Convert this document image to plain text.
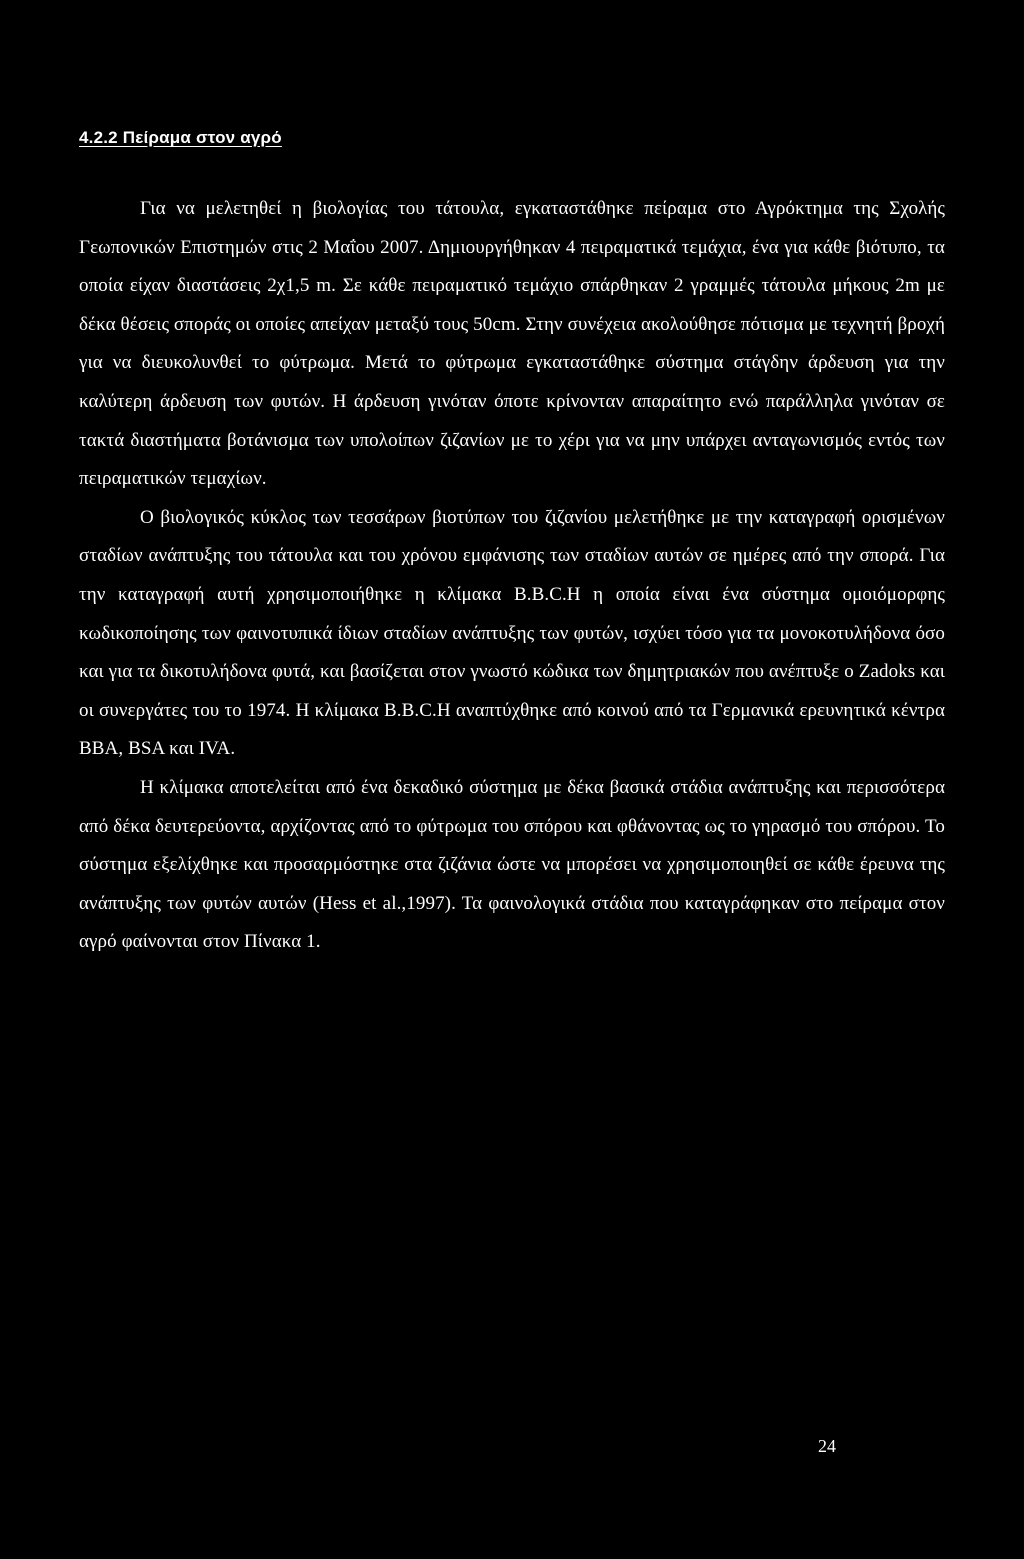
4.2.2 Πείραμα στον αγρό

Για να μελετηθεί η βιολογίας του τάτουλα, εγκαταστάθηκε πείραμα στο Αγρόκτημα της Σχολής Γεωπονικών Επιστημών στις 2 Μαΐου 2007. Δημιουργήθηκαν 4 πειραματικά τεμάχια, ένα για κάθε βιότυπο, τα οποία είχαν διαστάσεις 2χ1,5 m. Σε κάθε πειραματικό τεμάχιο σπάρθηκαν 2 γραμμές τάτουλα μήκους 2m με δέκα θέσεις σποράς οι οποίες απείχαν μεταξύ τους 50cm. Στην συνέχεια ακολούθησε πότισμα με τεχνητή βροχή για να διευκολυνθεί το φύτρωμα. Μετά το φύτρωμα εγκαταστάθηκε σύστημα στάγδην άρδευση για την καλύτερη άρδευση των φυτών. Η άρδευση γινόταν όποτε κρίνονταν απαραίτητο ενώ παράλληλα γινόταν σε τακτά διαστήματα βοτάνισμα των υπολοίπων ζιζανίων με το χέρι για να μην υπάρχει ανταγωνισμός εντός των πειραματικών τεμαχίων.

Ο βιολογικός κύκλος των τεσσάρων βιοτύπων του ζιζανίου μελετήθηκε με την καταγραφή ορισμένων σταδίων ανάπτυξης του τάτουλα και του χρόνου εμφάνισης των σταδίων αυτών σε ημέρες από την σπορά. Για την καταγραφή αυτή χρησιμοποιήθηκε η κλίμακα B.B.C.H η οποία είναι ένα σύστημα ομοιόμορφης κωδικοποίησης των φαινοτυπικά ίδιων σταδίων ανάπτυξης των φυτών, ισχύει τόσο για τα μονοκοτυλήδονα όσο και για τα δικοτυλήδονα φυτά, και βασίζεται στον γνωστό κώδικα των δημητριακών που ανέπτυξε ο Zadoks και οι συνεργάτες του το 1974. Η κλίμακα B.B.C.H αναπτύχθηκε από κοινού από τα Γερμανικά ερευνητικά κέντρα BBA, BSA και IVA.

Η κλίμακα αποτελείται από ένα δεκαδικό σύστημα με δέκα βασικά στάδια ανάπτυξης και περισσότερα από δέκα δευτερεύοντα, αρχίζοντας από το φύτρωμα του σπόρου και φθάνοντας ως το γηρασμό του σπόρου. Το σύστημα εξελίχθηκε και προσαρμόστηκε στα ζιζάνια ώστε να μπορέσει να χρησιμοποιηθεί σε κάθε έρευνα της ανάπτυξης των φυτών αυτών (Hess et al.,1997). Τα φαινολογικά στάδια που καταγράφηκαν στο πείραμα στον αγρό φαίνονται στον Πίνακα 1.

24
